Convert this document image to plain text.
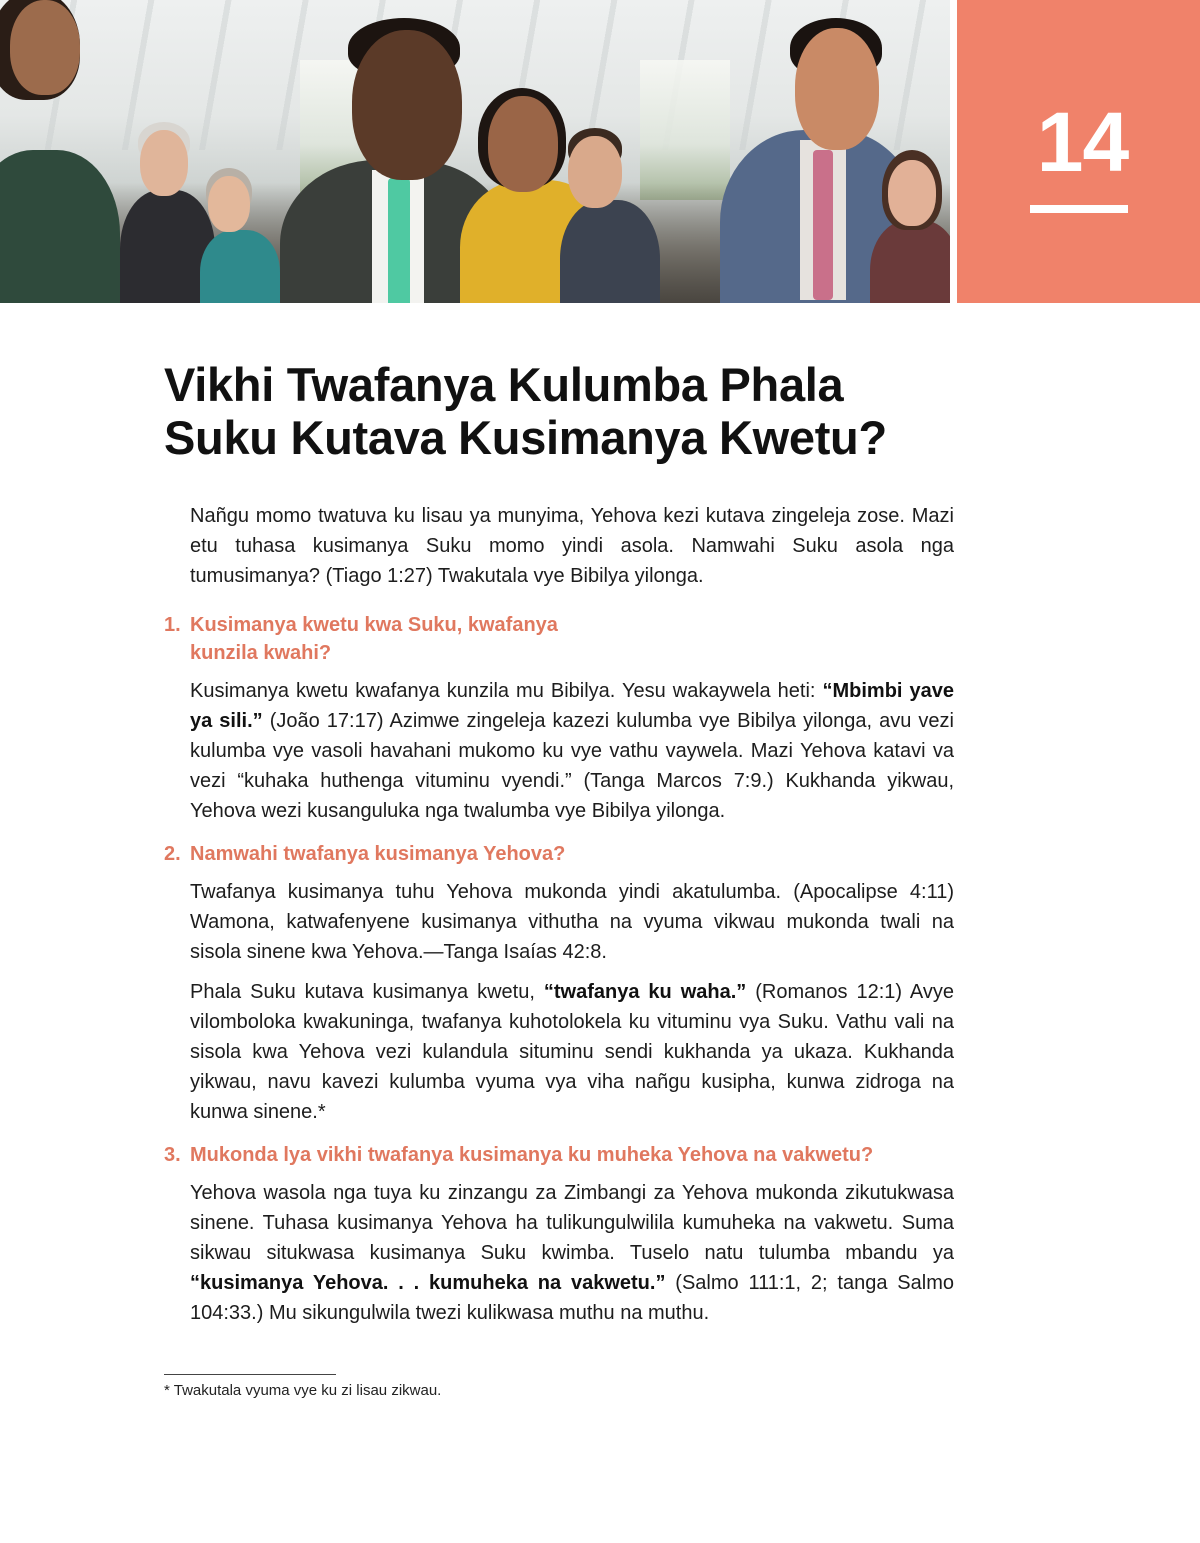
14
Vikhi Twafanya Kulumba Phala
Suku Kutava Kusimanya Kwetu?

Nañgu momo twatuva ku lisau ya munyima, Yehova kezi kutava zingeleja zose. Mazi etu tuhasa kusimanya Suku momo yindi asola. Namwahi Suku asola nga tumusimanya? (Tiago 1:27) Twakutala vye Bibilya yilonga.

1. Kusimanya kwetu kwa Suku, kwafanya kunzila kwahi?

Kusimanya kwetu kwafanya kunzila mu Bibilya. Yesu wakaywela heti: “Mbimbi yave ya sili.” (João 17:17) Azimwe zingeleja kazezi kulumba vye Bibilya yilonga, avu vezi kulumba vye vasoli havahani mukomo ku vye vathu vaywela. Mazi Yehova katavi va vezi “kuhaka huthenga vituminu vyendi.” (Tanga Marcos 7:9.) Kukhanda yikwau, Yehova wezi kusanguluka nga twalumba vye Bibilya yilonga.

2. Namwahi twafanya kusimanya Yehova?

Twafanya kusimanya tuhu Yehova mukonda yindi akatulumba. (Apocalipse 4:11) Wamona, katwafenyene kusimanya vithutha na vyuma vikwau mukonda twali na sisola sinene kwa Yehova.—Tanga Isaías 42:8.

Phala Suku kutava kusimanya kwetu, “twafanya ku waha.” (Romanos 12:1) Avye vilomboloka kwakuninga, twafanya kuhotolokela ku vituminu vya Suku. Vathu vali na sisola kwa Yehova vezi kulandula situminu sendi kukhanda ya ukaza. Kukhanda yikwau, navu kavezi kulumba vyuma vya viha nañgu kusipha, kunwa zidroga na kunwa sinene.*

3. Mukonda lya vikhi twafanya kusimanya ku muheka Yehova na vakwetu?

Yehova wasola nga tuya ku zinzangu za Zimbangi za Yehova mukonda zikutukwasa sinene. Tuhasa kusimanya Yehova ha tulikungulwilila kumuheka na vakwetu. Suma sikwau situkwasa kusimanya Suku kwimba. Tuselo natu tulumba mbandu ya “kusimanya Yehova. . . kumuheka na vakwetu.” (Salmo 111:1, 2; tanga Salmo 104:33.) Mu sikungulwila twezi kulikwasa muthu na muthu.

* Twakutala vyuma vye ku zi lisau zikwau.
